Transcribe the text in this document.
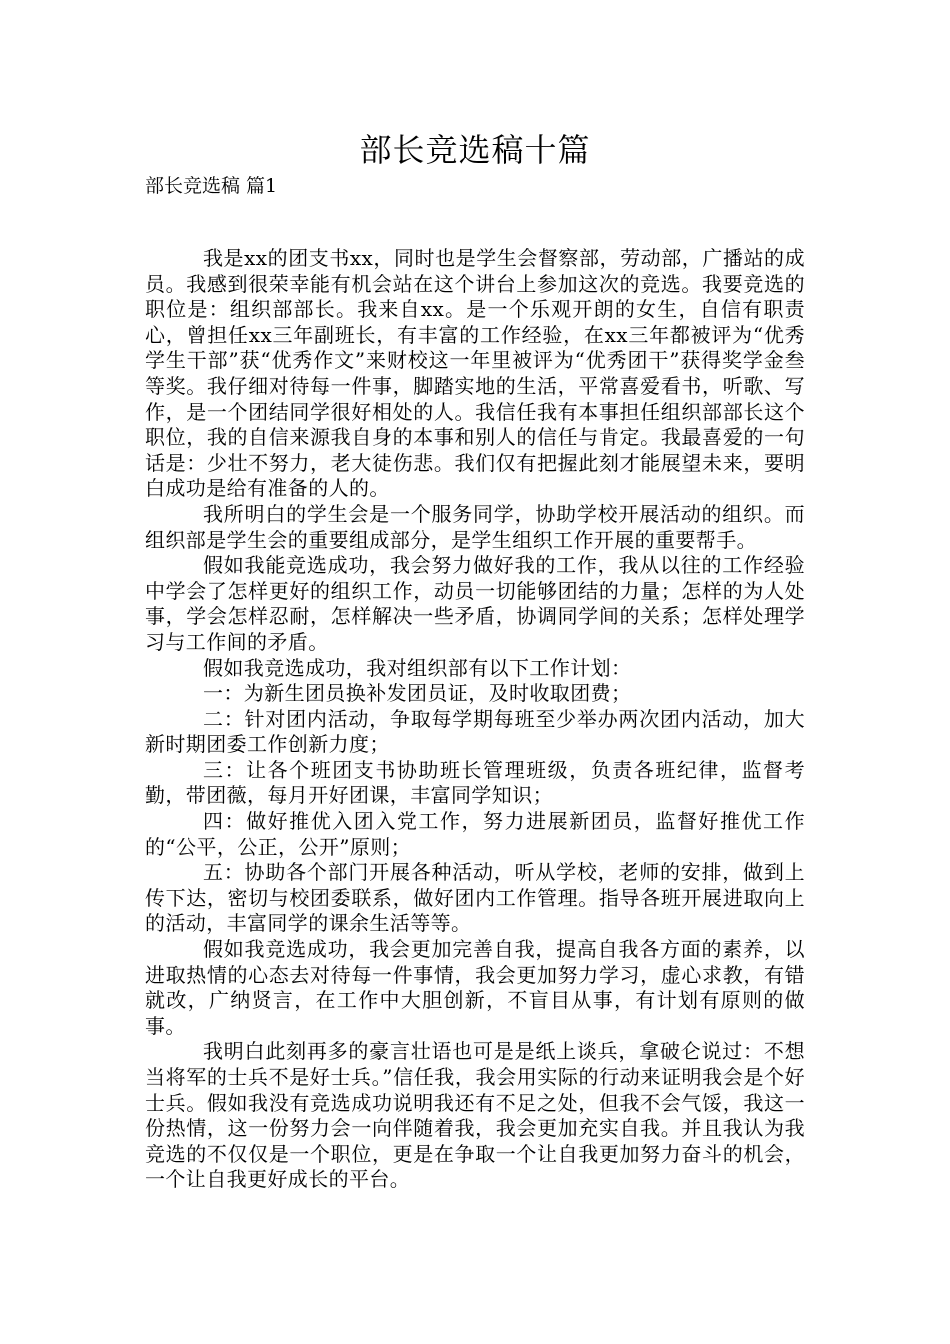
部长竞选稿十篇
部长竞选稿 篇1

我是xx的团支书xx，同时也是学生会督察部，劳动部，广播站的成员。我感到很荣幸能有机会站在这个讲台上参加这次的竞选。我要竞选的职位是：组织部部长。我来自xx。是一个乐观开朗的女生，自信有职责心，曾担任xx三年副班长，有丰富的工作经验，在xx三年都被评为“优秀学生干部”获“优秀作文”来财校这一年里被评为“优秀团干”获得奖学金叁等奖。我仔细对待每一件事，脚踏实地的生活，平常喜爱看书，听歌、写作，是一个团结同学很好相处的人。我信任我有本事担任组织部部长这个职位，我的自信来源我自身的本事和别人的信任与肯定。我最喜爱的一句话是：少壮不努力，老大徒伤悲。我们仅有把握此刻才能展望未来，要明白成功是给有准备的人的。

我所明白的学生会是一个服务同学，协助学校开展活动的组织。而组织部是学生会的重要组成部分，是学生组织工作开展的重要帮手。

假如我能竞选成功，我会努力做好我的工作，我从以往的工作经验中学会了怎样更好的组织工作，动员一切能够团结的力量；怎样的为人处事，学会怎样忍耐，怎样解决一些矛盾，协调同学间的关系；怎样处理学习与工作间的矛盾。

假如我竞选成功，我对组织部有以下工作计划：

一：为新生团员换补发团员证，及时收取团费；

二：针对团内活动，争取每学期每班至少举办两次团内活动，加大新时期团委工作创新力度；

三：让各个班团支书协助班长管理班级，负责各班纪律，监督考勤，带团薇，每月开好团课，丰富同学知识；

四：做好推优入团入党工作，努力进展新团员，监督好推优工作的“公平，公正，公开”原则；

五：协助各个部门开展各种活动，听从学校，老师的安排，做到上传下达，密切与校团委联系，做好团内工作管理。指导各班开展进取向上的活动，丰富同学的课余生活等等。

假如我竞选成功，我会更加完善自我，提高自我各方面的素养，以进取热情的心态去对待每一件事情，我会更加努力学习，虚心求教，有错就改，广纳贤言，在工作中大胆创新，不盲目从事，有计划有原则的做事。

我明白此刻再多的豪言壮语也可是是纸上谈兵，拿破仑说过：不想当将军的士兵不是好士兵。”信任我，我会用实际的行动来证明我会是个好士兵。假如我没有竞选成功说明我还有不足之处，但我不会气馁，我这一份热情，这一份努力会一向伴随着我，我会更加充实自我。并且我认为我竞选的不仅仅是一个职位，更是在争取一个让自我更加努力奋斗的机会，一个让自我更好成长的平台。
